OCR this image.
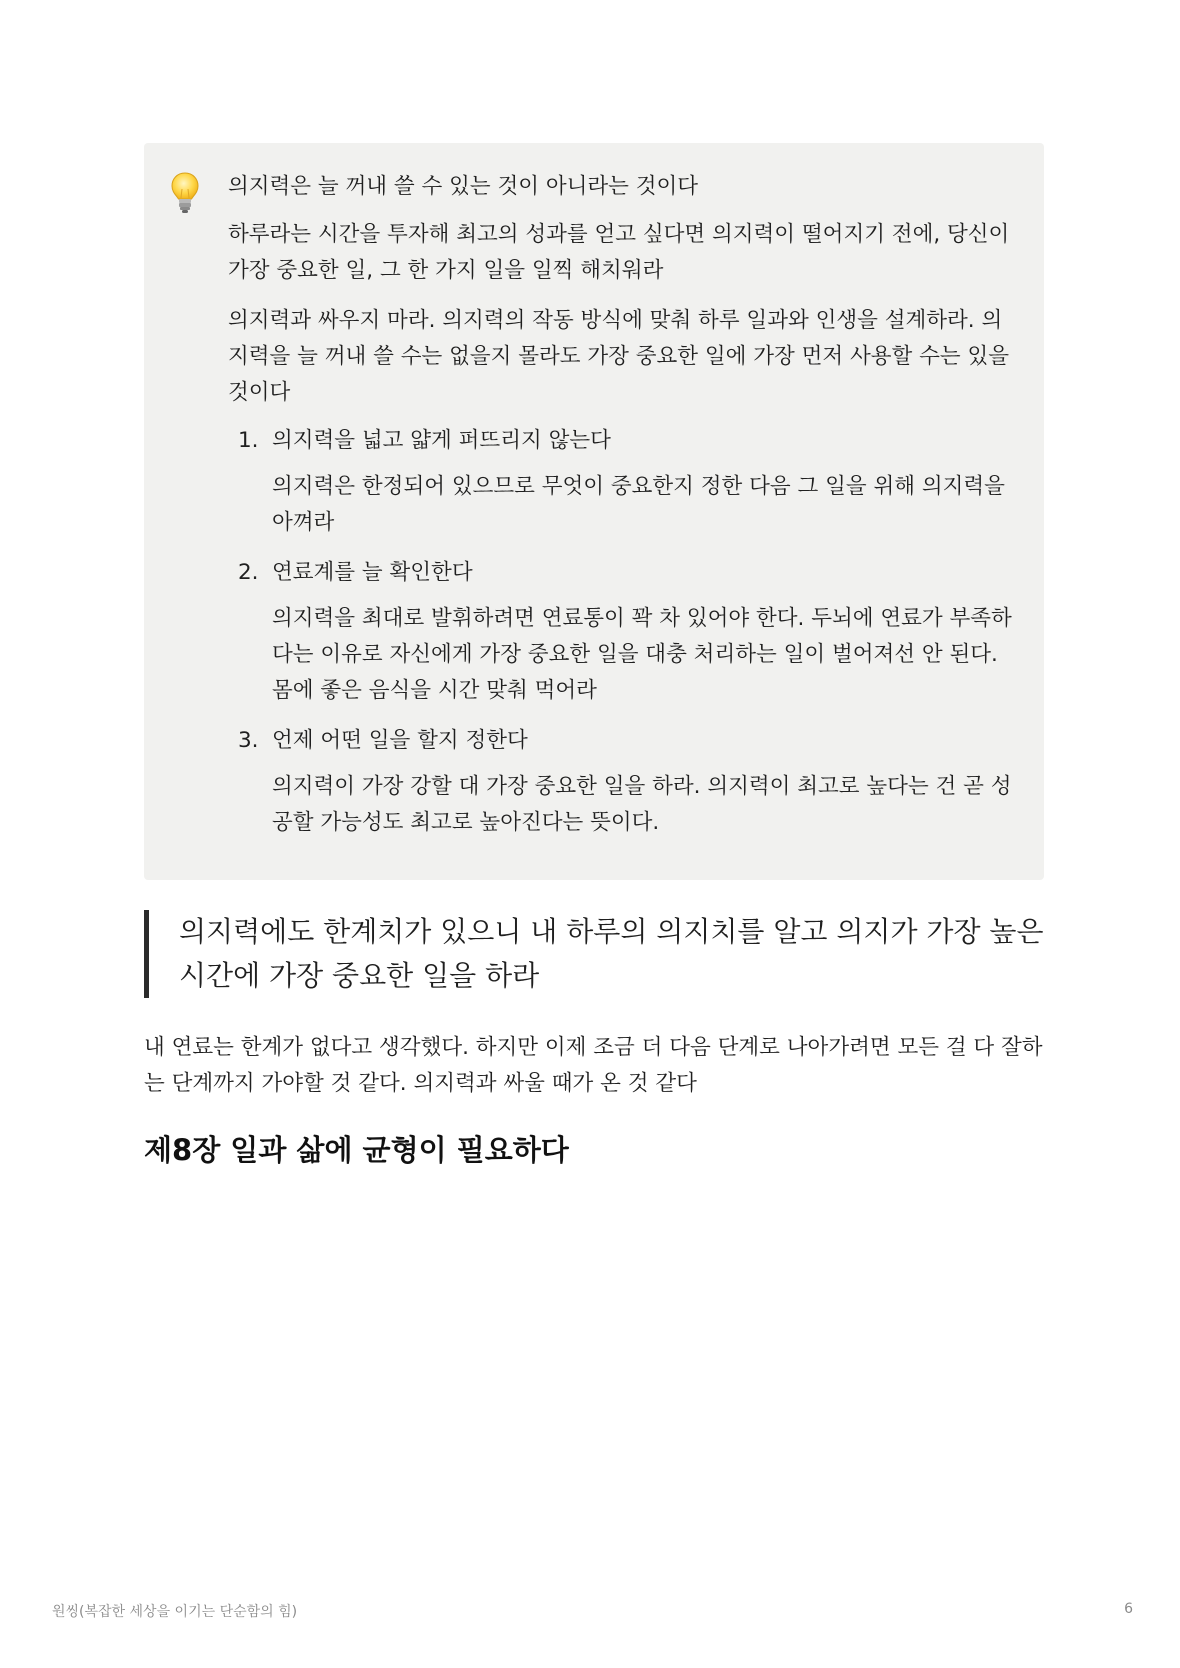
의지력은 늘 꺼내 쓸 수 있는 것이 아니라는 것이다

하루라는 시간을 투자해 최고의 성과를 얻고 싶다면 의지력이 떨어지기 전에, 당신이 가장 중요한 일, 그 한 가지 일을 일찍 해치워라

의지력과 싸우지 마라. 의지력의 작동 방식에 맞춰 하루 일과와 인생을 설계하라. 의지력을 늘 꺼내 쓸 수는 없을지 몰라도 가장 중요한 일에 가장 먼저 사용할 수는 있을 것이다

1. 의지력을 넓고 얇게 퍼뜨리지 않는다
의지력은 한정되어 있으므로 무엇이 중요한지 정한 다음 그 일을 위해 의지력을 아껴라
2. 연료계를 늘 확인한다
의지력을 최대로 발휘하려면 연료통이 꽉 차 있어야 한다. 두뇌에 연료가 부족하다는 이유로 자신에게 가장 중요한 일을 대충 처리하는 일이 벌어져선 안 된다. 몸에 좋은 음식을 시간 맞춰 먹어라
3. 언제 어떤 일을 할지 정한다
의지력이 가장 강할 대 가장 중요한 일을 하라. 의지력이 최고로 높다는 건 곧 성공할 가능성도 최고로 높아진다는 뜻이다.
의지력에도 한계치가 있으니 내 하루의 의지치를 알고 의지가 가장 높은 시간에 가장 중요한 일을 하라

내 연료는 한계가 없다고 생각했다. 하지만 이제 조금 더 다음 단계로 나아가려면 모든 걸 다 잘하는 단계까지 가야할 것 같다. 의지력과 싸울 때가 온 것 같다

제8장 일과 삶에 균형이 필요하다
원씽(복잡한 세상을 이기는 단순함의 힘)	6
